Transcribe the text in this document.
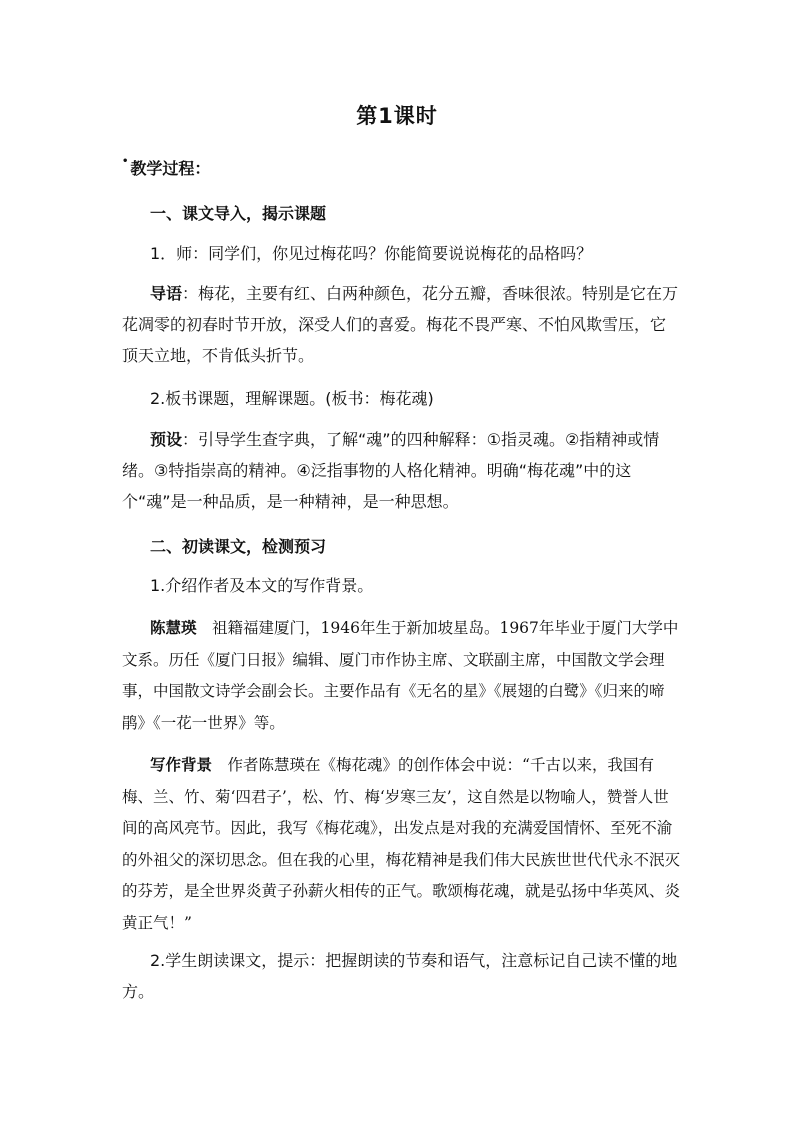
第1课时
• 教学过程：
一、课文导入，揭示课题
1．师：同学们，你见过梅花吗？你能简要说说梅花的品格吗？
导语：梅花，主要有红、白两种颜色，花分五瓣，香味很浓。特别是它在万花凋零的初春时节开放，深受人们的喜爱。梅花不畏严寒、不怕风欺雪压，它顶天立地，不肯低头折节。
2.板书课题，理解课题。(板书：梅花魂)
预设：引导学生查字典，了解“魂”的四种解释：①指灵魂。②指精神或情绪。③特指崇高的精神。④泛指事物的人格化精神。明确“梅花魂”中的这个“魂”是一种品质，是一种精神，是一种思想。
二、初读课文，检测预习
1.介绍作者及本文的写作背景。
陈慧瑛　祖籍福建厦门，1946年生于新加坡星岛。1967年毕业于厦门大学中文系。历任《厦门日报》编辑、厦门市作协主席、文联副主席，中国散文学会理事，中国散文诗学会副会长。主要作品有《无名的星》《展翅的白鹭》《归来的啼鹃》《一花一世界》等。
写作背景　作者陈慧瑛在《梅花魂》的创作体会中说：“千古以来，我国有梅、兰、竹、菊‘四君子’，松、竹、梅‘岁寒三友’，这自然是以物喻人，赞誉人世间的高风亮节。因此，我写《梅花魂》，出发点是对我的充满爱国情怀、至死不渝的外祖父的深切思念。但在我的心里，梅花精神是我们伟大民族世世代代永不泯灭的芬芳，是全世界炎黄子孙薪火相传的正气。歌颂梅花魂，就是弘扬中华英风、炎黄正气！”
2.学生朗读课文，提示：把握朗读的节奏和语气，注意标记自己读不懂的地方。
